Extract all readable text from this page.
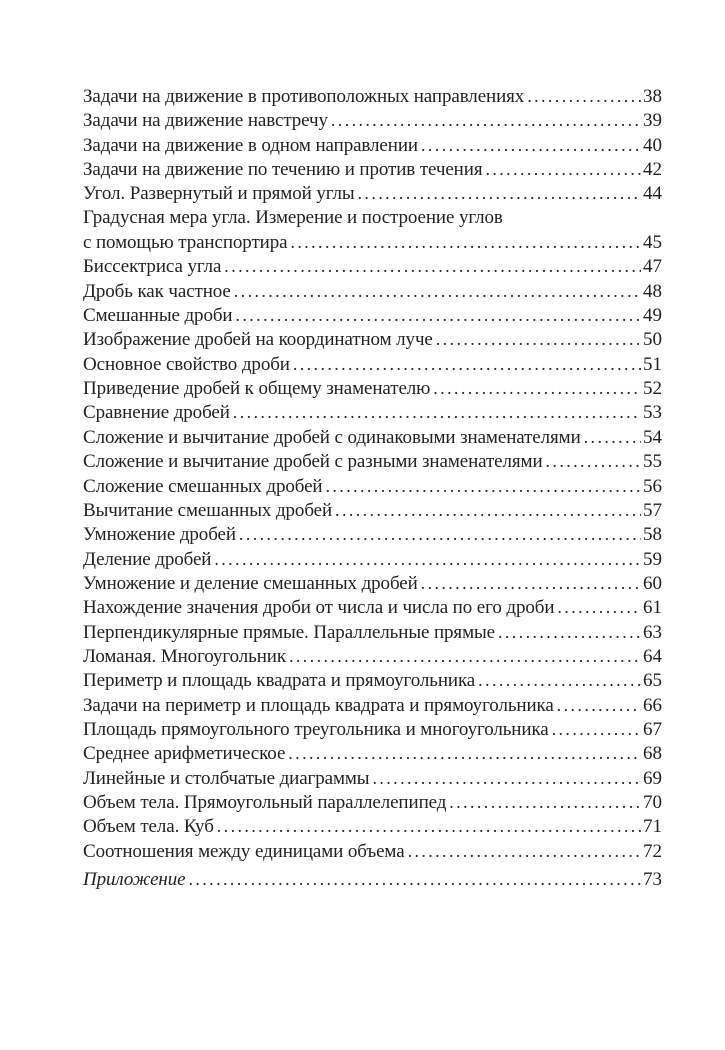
Задачи на движение в противоположных направлениях .....	38
Задачи на движение навстречу .....	39
Задачи на движение в одном направлении .....	40
Задачи на движение по течению и против течения .....	42
Угол. Развернутый и прямой углы .....	44
Градусная мера угла. Измерение и построение углов
с помощью транспортира .....	45
Биссектриса угла .....	47
Дробь как частное .....	48
Смешанные дроби .....	49
Изображение дробей на координатном луче .....	50
Основное свойство дроби .....	51
Приведение дробей к общему знаменателю .....	52
Сравнение дробей .....	53
Сложение и вычитание дробей с одинаковыми знаменателями .....	54
Сложение и вычитание дробей с разными знаменателями .....	55
Сложение смешанных дробей .....	56
Вычитание смешанных дробей .....	57
Умножение дробей .....	58
Деление дробей .....	59
Умножение и деление смешанных дробей .....	60
Нахождение значения дроби от числа и числа по его дроби .....	61
Перпендикулярные прямые. Параллельные прямые .....	63
Ломаная. Многоугольник .....	64
Периметр и площадь квадрата и прямоугольника .....	65
Задачи на периметр и площадь квадрата и прямоугольника .....	66
Площадь прямоугольного треугольника и многоугольника .....	67
Среднее арифметическое .....	68
Линейные и столбчатые диаграммы .....	69
Объем тела. Прямоугольный параллелепипед .....	70
Объем тела. Куб .....	71
Соотношения между единицами объема .....	72
Приложение .....	73
